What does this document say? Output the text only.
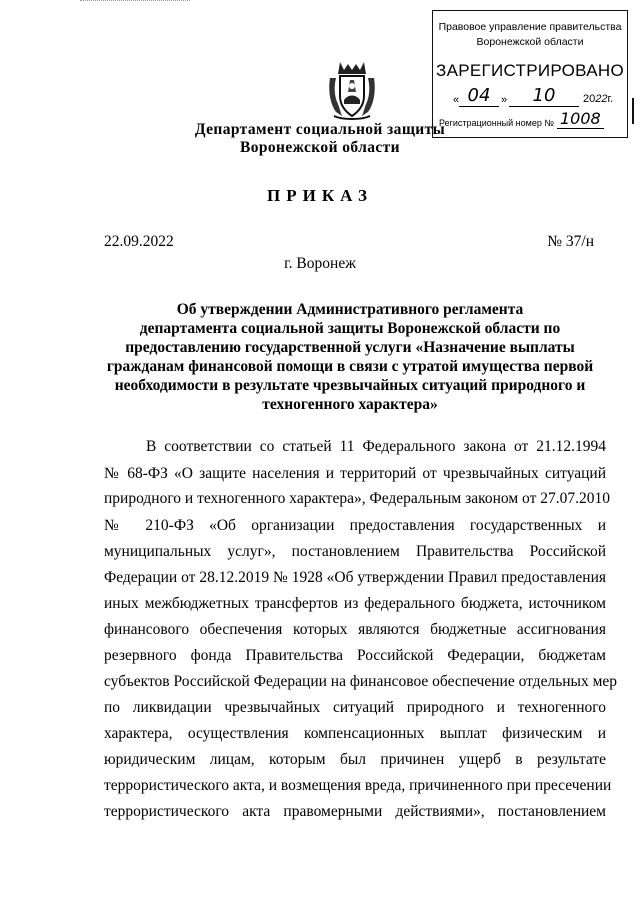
Правовое управление правительства
Воронежской области
ЗАРЕГИСТРИРОВАНО
« 04 »	10	2022г.
Регистрационный номер № 1008
Департамент социальной защиты
Воронежской области
ПРИКАЗ
22.09.2022	№ 37/н
г. Воронеж
Об утверждении Административного регламента
департамента социальной защиты Воронежской области по
предоставлению государственной услуги «Назначение выплаты
гражданам финансовой помощи в связи с утратой имущества первой
необходимости в результате чрезвычайных ситуаций природного и
техногенного характера»
В соответствии со статьей 11 Федерального закона от 21.12.1994
№ 68-ФЗ «О защите населения и территорий от чрезвычайных ситуаций
природного и техногенного характера», Федеральным законом от 27.07.2010
№ 210-ФЗ «Об организации предоставления государственных и
муниципальных услуг», постановлением Правительства Российской
Федерации от 28.12.2019 № 1928 «Об утверждении Правил предоставления
иных межбюджетных трансфертов из федерального бюджета, источником
финансового обеспечения которых являются бюджетные ассигнования
резервного фонда Правительства Российской Федерации, бюджетам
субъектов Российской Федерации на финансовое обеспечение отдельных мер
по ликвидации чрезвычайных ситуаций природного и техногенного
характера, осуществления компенсационных выплат физическим и
юридическим лицам, которым был причинен ущерб в результате
террористического акта, и возмещения вреда, причиненного при пресечении
террористического акта правомерными действиями», постановлением
